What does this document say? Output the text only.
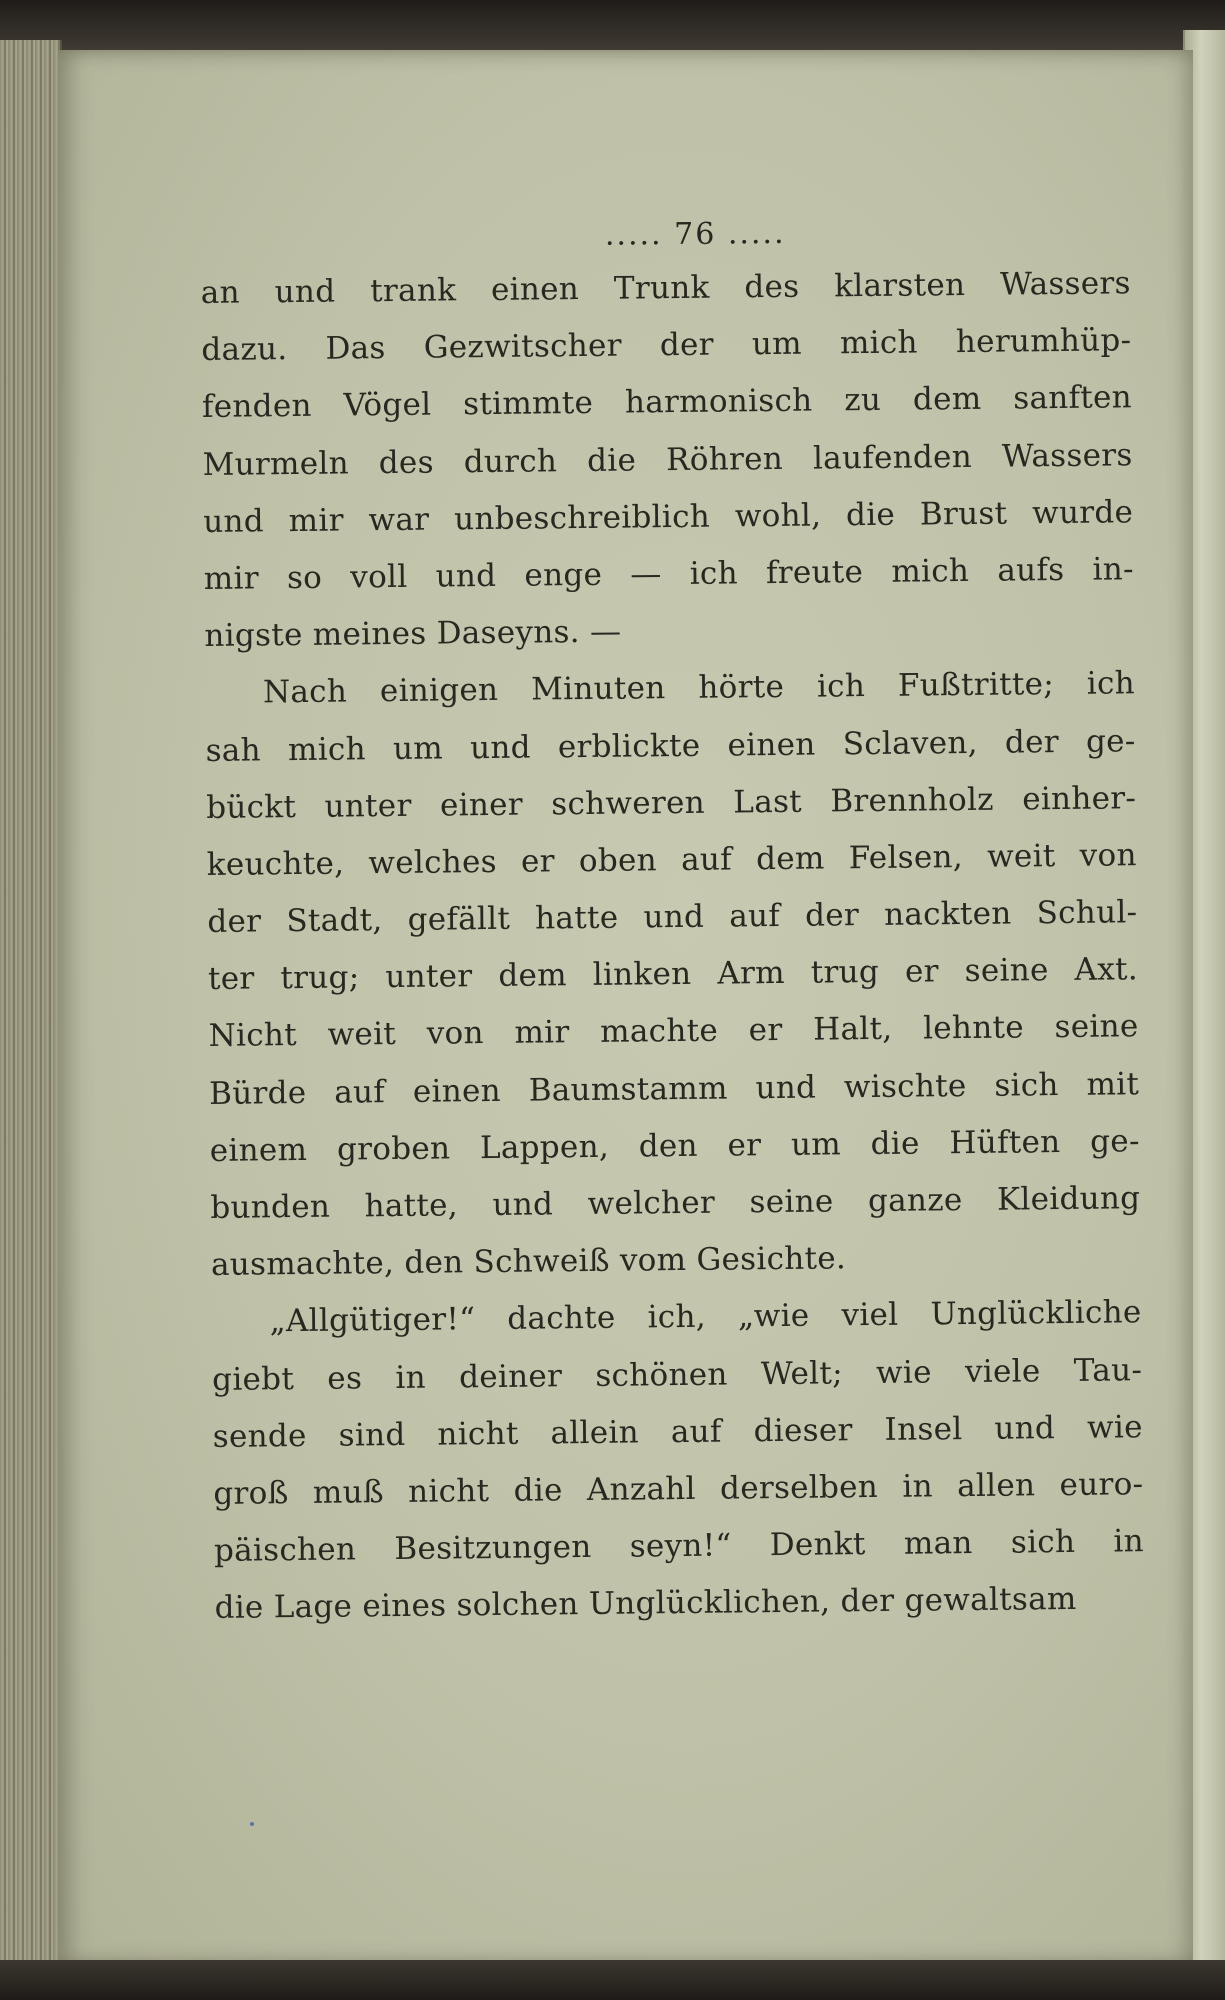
..... 76 .....
an und trank einen Trunk des klarsten Wassers
dazu. Das Gezwitscher der um mich herumhüp-
fenden Vögel stimmte harmonisch zu dem sanften
Murmeln des durch die Röhren laufenden Wassers
und mir war unbeschreiblich wohl, die Brust wurde
mir so voll und enge — ich freute mich aufs in-
nigste meines Daseyns. —
Nach einigen Minuten hörte ich Fußtritte; ich
sah mich um und erblickte einen Sclaven, der ge-
bückt unter einer schweren Last Brennholz einher-
keuchte, welches er oben auf dem Felsen, weit von
der Stadt, gefällt hatte und auf der nackten Schul-
ter trug; unter dem linken Arm trug er seine Axt.
Nicht weit von mir machte er Halt, lehnte seine
Bürde auf einen Baumstamm und wischte sich mit
einem groben Lappen, den er um die Hüften ge-
bunden hatte, und welcher seine ganze Kleidung
ausmachte, den Schweiß vom Gesichte.
„Allgütiger!“ dachte ich, „wie viel Unglückliche
giebt es in deiner schönen Welt; wie viele Tau-
sende sind nicht allein auf dieser Insel und wie
groß muß nicht die Anzahl derselben in allen euro-
päischen Besitzungen seyn!“ Denkt man sich in
die Lage eines solchen Unglücklichen, der gewaltsam
